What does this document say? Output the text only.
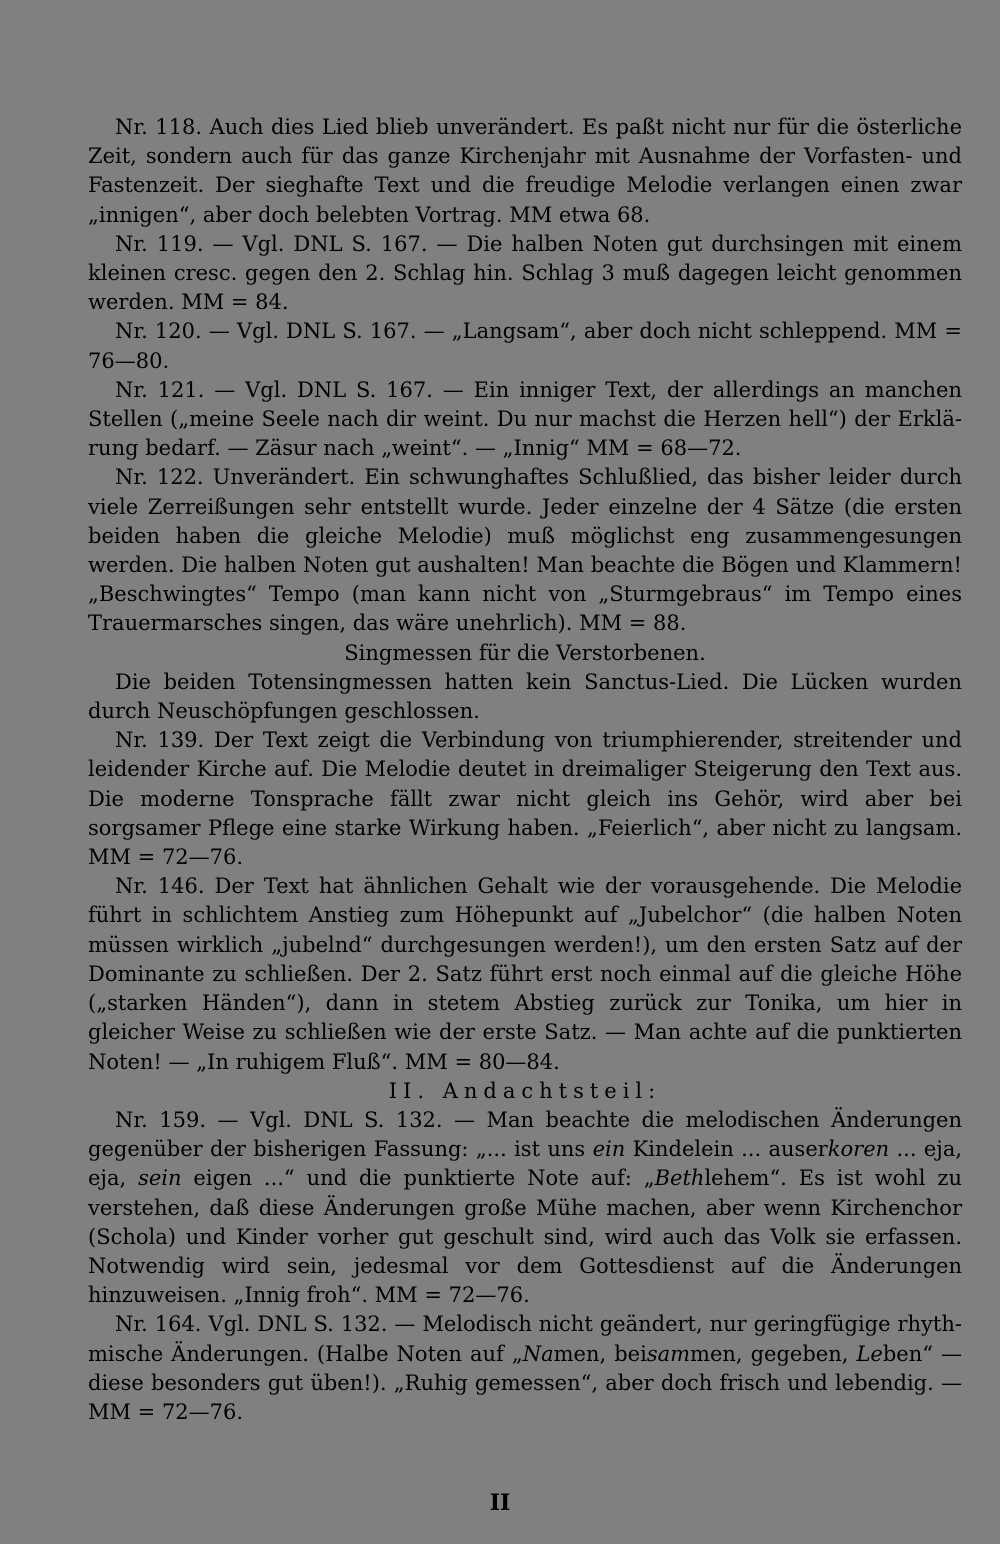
Nr. 118. Auch dies Lied blieb unverändert. Es paßt nicht nur für die österliche Zeit, sondern auch für das ganze Kirchenjahr mit Ausnahme der Vorfasten- und Fastenzeit. Der sieghafte Text und die freudige Melodie verlangen einen zwar „innigen“, aber doch belebten Vortrag. MM etwa 68.

Nr. 119. — Vgl. DNL S. 167. — Die halben Noten gut durchsingen mit einem kleinen cresc. gegen den 2. Schlag hin. Schlag 3 muß dagegen leicht genommen werden. MM = 84.

Nr. 120. — Vgl. DNL S. 167. — „Langsam“, aber doch nicht schleppend. MM = 76—80.

Nr. 121. — Vgl. DNL S. 167. — Ein inniger Text, der allerdings an manchen Stellen („meine Seele nach dir weint. Du nur machst die Herzen hell“) der Erklärung bedarf. — Zäsur nach „weint“. — „Innig“ MM = 68—72.

Nr. 122. Unverändert. Ein schwunghaftes Schlußlied, das bisher leider durch viele Zerreißungen sehr entstellt wurde. Jeder einzelne der 4 Sätze (die ersten beiden haben die gleiche Melodie) muß möglichst eng zusammengesungen werden. Die halben Noten gut aushalten! Man beachte die Bögen und Klammern! „Beschwingtes“ Tempo (man kann nicht von „Sturmgebraus“ im Tempo eines Trauermarsches singen, das wäre unehrlich). MM = 88.

Singmessen für die Verstorbenen.

Die beiden Totensingmessen hatten kein Sanctus-Lied. Die Lücken wurden durch Neuschöpfungen geschlossen.

Nr. 139. Der Text zeigt die Verbindung von triumphierender, streitender und leidender Kirche auf. Die Melodie deutet in dreimaliger Steigerung den Text aus. Die moderne Tonsprache fällt zwar nicht gleich ins Gehör, wird aber bei sorgsamer Pflege eine starke Wirkung haben. „Feierlich“, aber nicht zu langsam. MM = 72—76.

Nr. 146. Der Text hat ähnlichen Gehalt wie der vorausgehende. Die Melodie führt in schlichtem Anstieg zum Höhepunkt auf „Jubelchor“ (die halben Noten müssen wirklich „jubelnd“ durchgesungen werden!), um den ersten Satz auf der Dominante zu schließen. Der 2. Satz führt erst noch einmal auf die gleiche Höhe („starken Händen“), dann in stetem Abstieg zurück zur Tonika, um hier in gleicher Weise zu schließen wie der erste Satz. — Man achte auf die punktierten Noten! — „In ruhigem Fluß“. MM = 80—84.

II. Andachtsteil:

Nr. 159. — Vgl. DNL S. 132. — Man beachte die melodischen Änderungen gegenüber der bisherigen Fassung: „... ist uns ein Kindelein ... auserkoren ... eja, eja, sein eigen ...“ und die punktierte Note auf: „Bethlehem“. Es ist wohl zu verstehen, daß diese Änderungen große Mühe machen, aber wenn Kirchenchor (Schola) und Kinder vorher gut geschult sind, wird auch das Volk sie erfassen. Notwendig wird sein, jedesmal vor dem Gottesdienst auf die Änderungen hinzuweisen. „Innig froh“. MM = 72—76.

Nr. 164. Vgl. DNL S. 132. — Melodisch nicht geändert, nur geringfügige rhythmische Änderungen. (Halbe Noten auf „Namen, beisammen, gegeben, Leben“ — diese besonders gut üben!). „Ruhig gemessen“, aber doch frisch und lebendig. — MM = 72—76.

II
